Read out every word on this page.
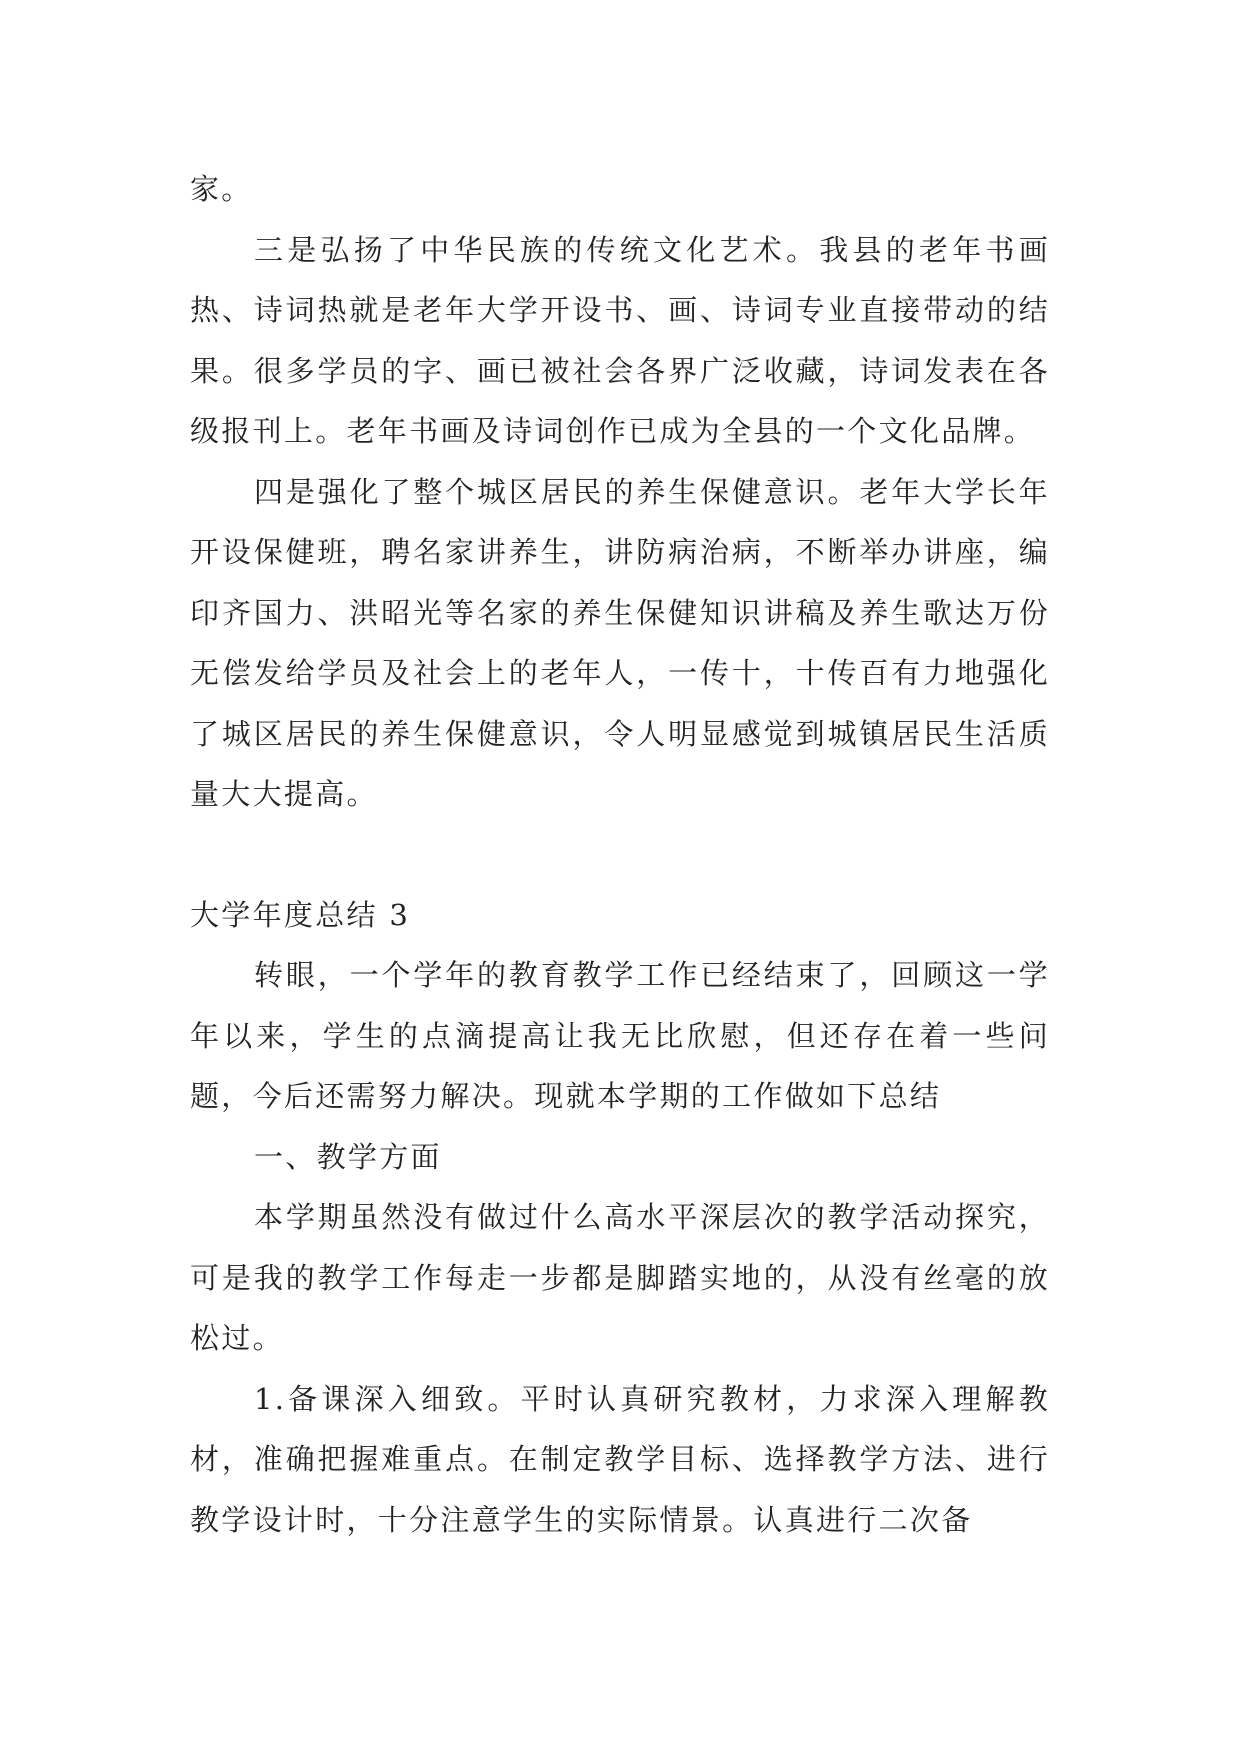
家。

三是弘扬了中华民族的传统文化艺术。我县的老年书画热、诗词热就是老年大学开设书、画、诗词专业直接带动的结果。很多学员的字、画已被社会各界广泛收藏，诗词发表在各级报刊上。老年书画及诗词创作已成为全县的一个文化品牌。

四是强化了整个城区居民的养生保健意识。老年大学长年开设保健班，聘名家讲养生，讲防病治病，不断举办讲座，编印齐国力、洪昭光等名家的养生保健知识讲稿及养生歌达万份无偿发给学员及社会上的老年人，一传十，十传百有力地强化了城区居民的养生保健意识，令人明显感觉到城镇居民生活质量大大提高。

大学年度总结 3

转眼，一个学年的教育教学工作已经结束了，回顾这一学年以来，学生的点滴提高让我无比欣慰，但还存在着一些问题，今后还需努力解决。现就本学期的工作做如下总结

一、教学方面

本学期虽然没有做过什么高水平深层次的教学活动探究，可是我的教学工作每走一步都是脚踏实地的，从没有丝毫的放松过。

1.备课深入细致。平时认真研究教材，力求深入理解教材，准确把握难重点。在制定教学目标、选择教学方法、进行教学设计时，十分注意学生的实际情景。认真进行二次备
